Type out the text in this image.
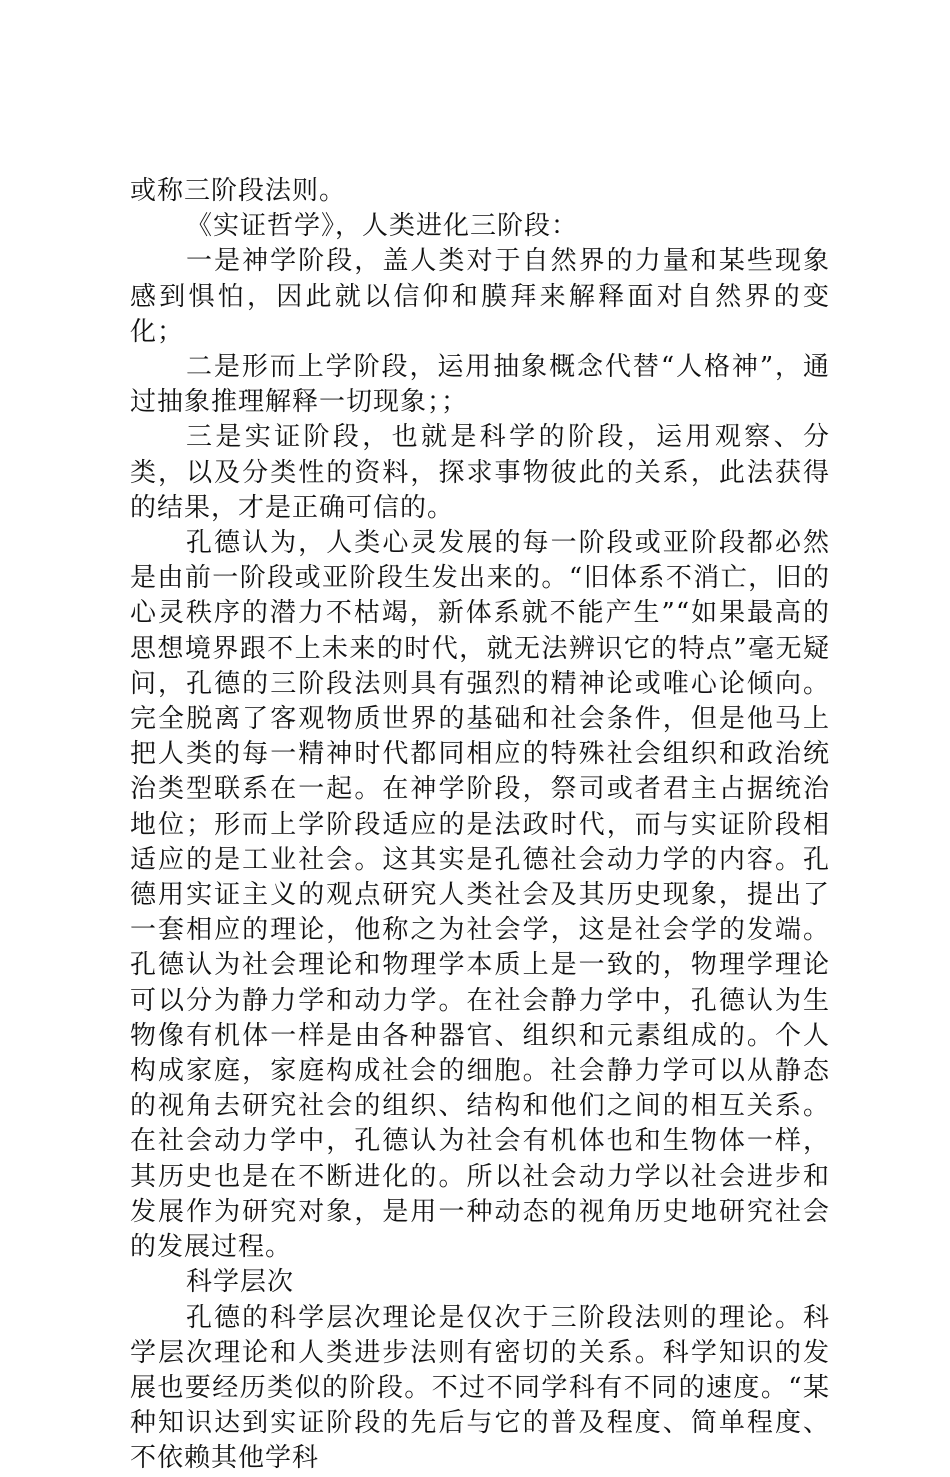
或称三阶段法则。

《实证哲学》，人类进化三阶段：

一是神学阶段，盖人类对于自然界的力量和某些现象感到惧怕，因此就以信仰和膜拜来解释面对自然界的变化；

二是形而上学阶段，运用抽象概念代替“人格神”，通过抽象推理解释一切现象；；

三是实证阶段，也就是科学的阶段，运用观察、分类，以及分类性的资料，探求事物彼此的关系，此法获得的结果，才是正确可信的。

孔德认为，人类心灵发展的每一阶段或亚阶段都必然是由前一阶段或亚阶段生发出来的。“旧体系不消亡，旧的心灵秩序的潜力不枯竭，新体系就不能产生”“如果最高的思想境界跟不上未来的时代，就无法辨识它的特点”毫无疑问，孔德的三阶段法则具有强烈的精神论或唯心论倾向。完全脱离了客观物质世界的基础和社会条件，但是他马上把人类的每一精神时代都同相应的特殊社会组织和政治统治类型联系在一起。在神学阶段，祭司或者君主占据统治地位；形而上学阶段适应的是法政时代，而与实证阶段相适应的是工业社会。这其实是孔德社会动力学的内容。孔德用实证主义的观点研究人类社会及其历史现象，提出了一套相应的理论，他称之为社会学，这是社会学的发端。孔德认为社会理论和物理学本质上是一致的，物理学理论可以分为静力学和动力学。在社会静力学中，孔德认为生物像有机体一样是由各种器官、组织和元素组成的。个人构成家庭，家庭构成社会的细胞。社会静力学可以从静态的视角去研究社会的组织、结构和他们之间的相互关系。在社会动力学中，孔德认为社会有机体也和生物体一样，其历史也是在不断进化的。所以社会动力学以社会进步和发展作为研究对象，是用一种动态的视角历史地研究社会的发展过程。

科学层次

孔德的科学层次理论是仅次于三阶段法则的理论。科学层次理论和人类进步法则有密切的关系。科学知识的发展也要经历类似的阶段。不过不同学科有不同的速度。“某种知识达到实证阶段的先后与它的普及程度、简单程度、不依赖其他学科
